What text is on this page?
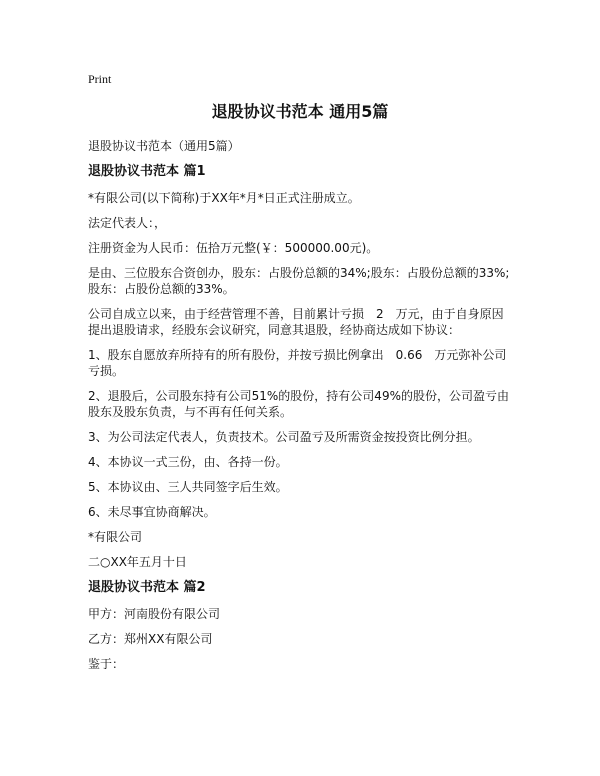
Print
退股协议书范本 通用5篇
退股协议书范本（通用5篇）
退股协议书范本 篇1
*有限公司(以下简称)于XX年*月*日正式注册成立。
法定代表人：，
注册资金为人民币：伍拾万元整(￥：500000.00元)。
是由、三位股东合资创办，股东：占股份总额的34%;股东：占股份总额的33%;股东：占股份总额的33%。
公司自成立以来，由于经营管理不善，目前累计亏损　2　万元，由于自身原因提出退股请求，经股东会议研究，同意其退股，经协商达成如下协议：
1、股东自愿放弃所持有的所有股份，并按亏损比例拿出　0.66　万元弥补公司亏损。
2、退股后，公司股东持有公司51%的股份，持有公司49%的股份，公司盈亏由股东及股东负责，与不再有任何关系。
3、为公司法定代表人，负责技术。公司盈亏及所需资金按投资比例分担。
4、本协议一式三份，由、各持一份。
5、本协议由、三人共同签字后生效。
6、未尽事宜协商解决。
*有限公司
二○XX年五月十日
退股协议书范本 篇2
甲方：河南股份有限公司
乙方：郑州XX有限公司
鉴于：
